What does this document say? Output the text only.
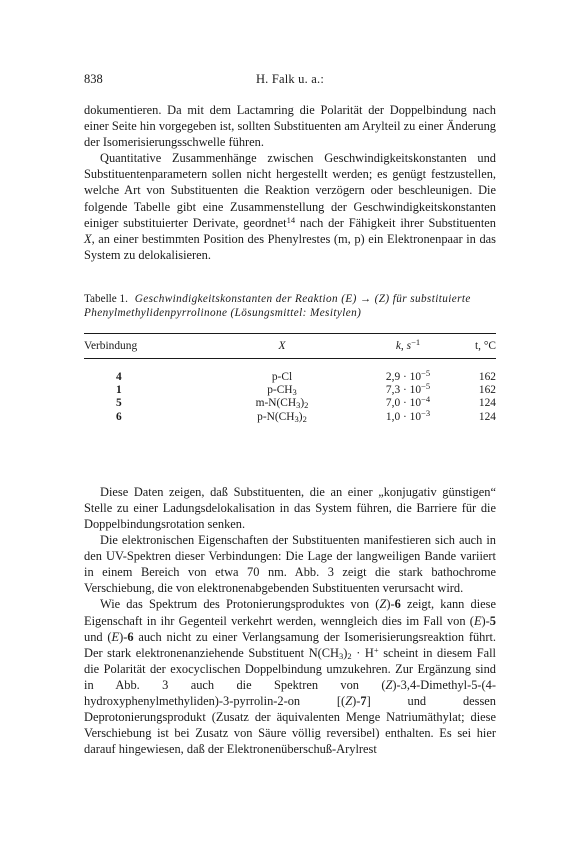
838	H. Falk u. a.:

dokumentieren. Da mit dem Lactamring die Polarität der Doppelbindung nach einer Seite hin vorgegeben ist, sollten Substituenten am Arylteil zu einer Änderung der Isomerisierungsschwelle führen.

Quantitative Zusammenhänge zwischen Geschwindigkeitskonstanten und Substituentenparametern sollen nicht hergestellt werden; es genügt festzustellen, welche Art von Substituenten die Reaktion verzögern oder beschleunigen. Die folgende Tabelle gibt eine Zusammenstellung der Geschwindigkeitskonstanten einiger substituierter Derivate, geordnet$^{14}$ nach der Fähigkeit ihrer Substituenten X, an einer bestimmten Position des Phenylrestes (m, p) ein Elektronenpaar in das System zu delokalisieren.

Tabelle 1. Geschwindigkeitskonstanten der Reaktion (E) → (Z) für substituierte Phenylmethylidenpyrrolinone (Lösungsmittel: Mesitylen)
Verbindung	X	k, $s^{-1}$	t, °C
4	p-Cl	$2,9 \cdot 10^{-5}$	162
1	$p-CH_3$	$7,3 \cdot 10^{-5}$	162
5	$m-N(CH_3)_2$	$7,0 \cdot 10^{-4}$	124
6	$p-N(CH_3)_2$	$1,0 \cdot 10^{-3}$	124

Diese Daten zeigen, daß Substituenten, die an einer „konjugativ günstigen“ Stelle zu einer Ladungsdelokalisation in das System führen, die Barriere für die Doppelbindungsrotation senken.

Die elektronischen Eigenschaften der Substituenten manifestieren sich auch in den UV-Spektren dieser Verbindungen: Die Lage der langweiligen Bande variiert in einem Bereich von etwa 70 nm. Abb. 3 zeigt die stark bathochrome Verschiebung, die von elektronenabgebenden Substituenten verursacht wird.

Wie das Spektrum des Protonierungsproduktes von (Z)-6 zeigt, kann diese Eigenschaft in ihr Gegenteil verkehrt werden, wenngleich dies im Fall von (E)-5 und (E)-6 auch nicht zu einer Verlangsamung der Isomerisierungsreaktion führt. Der stark elektronenanziehende Substituent $N(CH_3)_2 \cdot H^+$ scheint in diesem Fall die Polarität der exocyclischen Doppelbindung umzukehren. Zur Ergänzung sind in Abb. 3 auch die Spektren von (Z)-3,4-Dimethyl-5-(4-hydroxyphenylmethyliden)-3-pyrrolin-2-on [(Z)-7] und dessen Deprotonierungsprodukt (Zusatz der äquivalenten Menge Natriumäthylat; diese Verschiebung ist bei Zusatz von Säure völlig reversibel) enthalten. Es sei hier darauf hingewiesen, daß der Elektronenüberschuß-Arylrest
